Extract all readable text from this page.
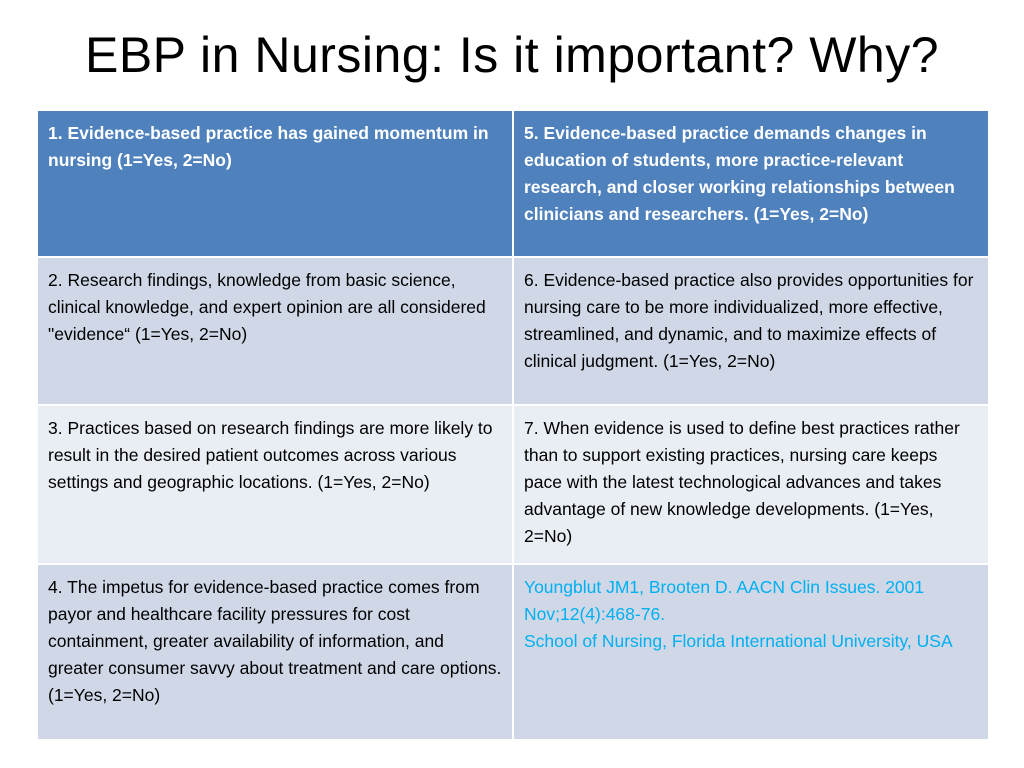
EBP in Nursing: Is it important? Why?
1. Evidence-based practice has gained momentum in nursing (1=Yes, 2=No)	5. Evidence-based practice demands changes in education of students, more practice-relevant research, and closer working relationships between clinicians and researchers. (1=Yes, 2=No)
2. Research findings, knowledge from basic science, clinical knowledge, and expert opinion are all considered "evidence“ (1=Yes, 2=No)	6. Evidence-based practice also provides opportunities for nursing care to be more individualized, more effective, streamlined, and dynamic, and to maximize effects of clinical judgment. (1=Yes, 2=No)
3. Practices based on research findings are more likely to result in the desired patient outcomes across various settings and geographic locations. (1=Yes, 2=No)	7. When evidence is used to define best practices rather than to support existing practices, nursing care keeps pace with the latest technological advances and takes advantage of new knowledge developments. (1=Yes, 2=No)
4. The impetus for evidence-based practice comes from payor and healthcare facility pressures for cost containment, greater availability of information, and greater consumer savvy about treatment and care options.
(1=Yes, 2=No)	Youngblut JM1, Brooten D. AACN Clin Issues. 2001 Nov;12(4):468-76.
School of Nursing, Florida International University, USA
